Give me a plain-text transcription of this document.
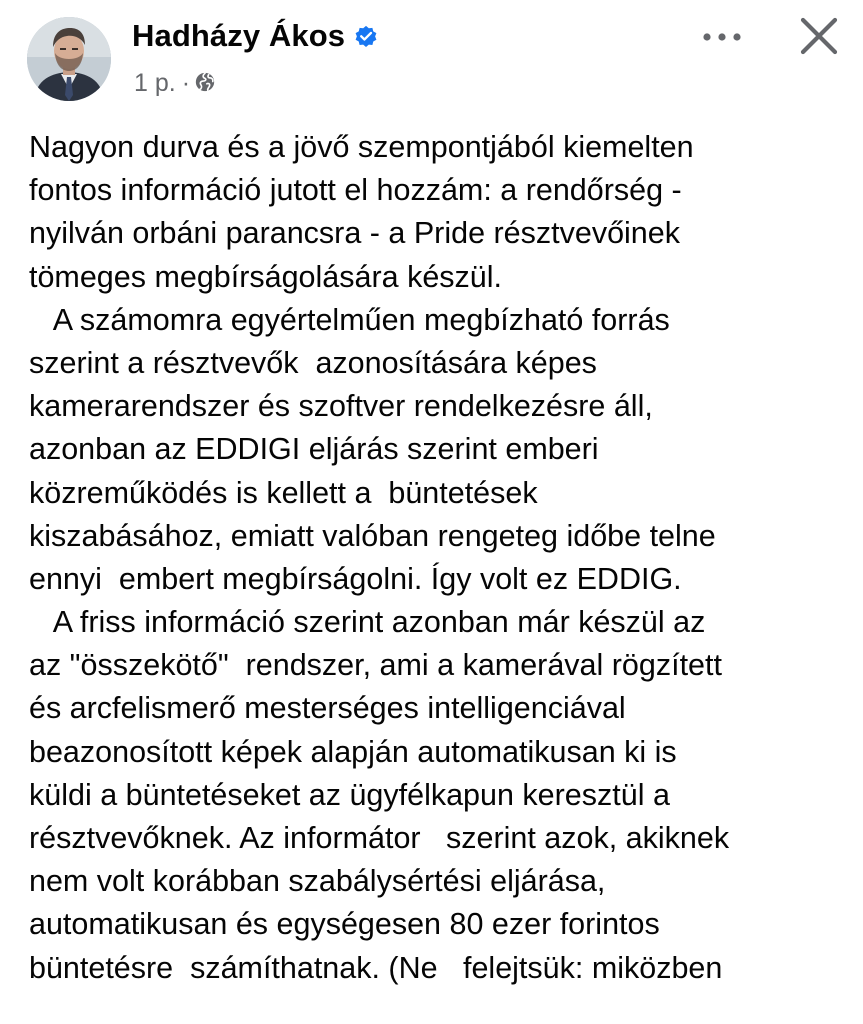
Hadházy Ákos
1 p. ·
Nagyon durva és a jövő szempontjából kiemelten
fontos információ jutott el hozzám: a rendőrség -
nyilván orbáni parancsra - a Pride résztvevőinek
tömeges megbírságolására készül.
A számomra egyértelműen megbízható forrás
szerint a résztvevők  azonosítására képes
kamerarendszer és szoftver rendelkezésre áll,
azonban az EDDIGI eljárás szerint emberi
közreműködés is kellett a  büntetések
kiszabásához, emiatt valóban rengeteg időbe telne
ennyi  embert megbírságolni. Így volt ez EDDIG.
A friss információ szerint azonban már készül az
az "összekötő"  rendszer, ami a kamerával rögzített
és arcfelismerő mesterséges intelligenciával
beazonosított képek alapján automatikusan ki is
küldi a büntetéseket az ügyfélkapun keresztül a
résztvevőknek. Az informátor   szerint azok, akiknek
nem volt korábban szabálysértési eljárása,
automatikusan és egységesen 80 ezer forintos
büntetésre  számíthatnak. (Ne   felejtsük: miközben
